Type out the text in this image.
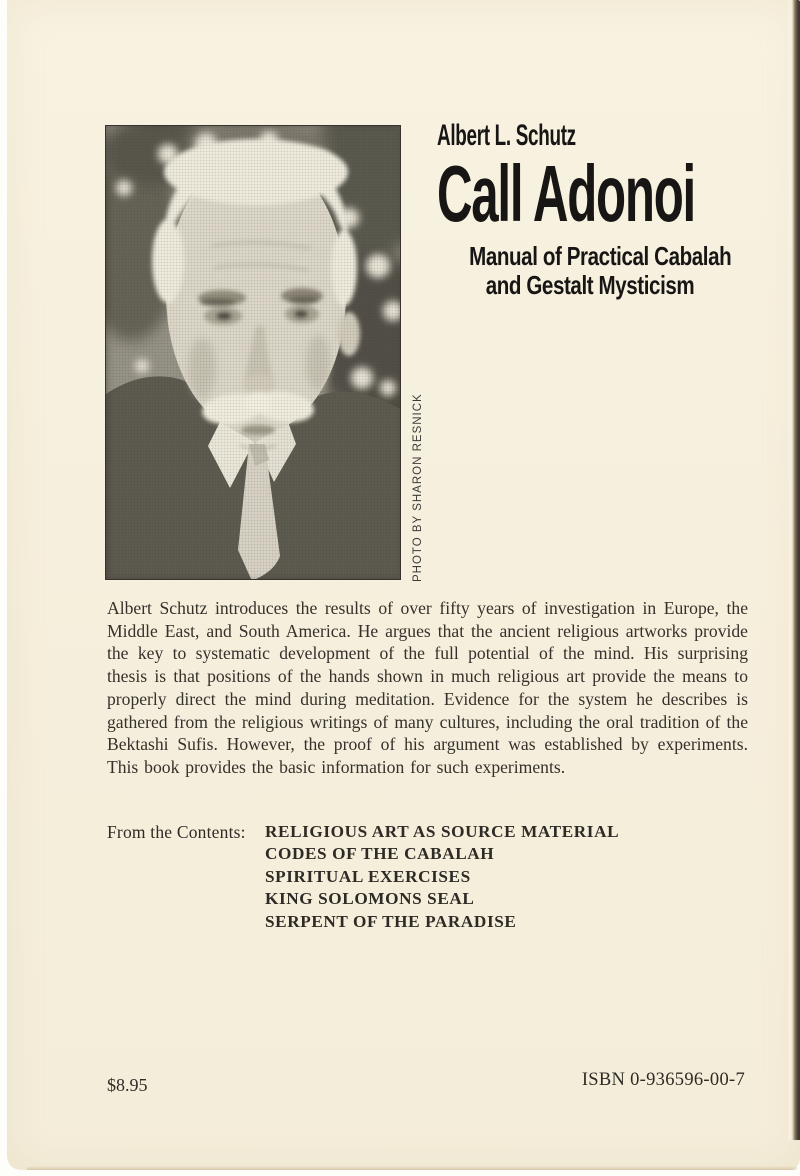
PHOTO BY SHARON RESNICK
Albert L. Schutz
Call Adonoi
Manual of Practical Cabalah
and Gestalt Mysticism

Albert Schutz introduces the results of over fifty years of investigation in Europe, the Middle East, and South America. He argues that the ancient religious artworks provide the key to systematic development of the full potential of the mind. His surprising thesis is that positions of the hands shown in much religious art provide the means to properly direct the mind during meditation. Evidence for the system he describes is gathered from the religious writings of many cultures, including the oral tradition of the Bektashi Sufis. However, the proof of his argument was established by experiments. This book provides the basic information for such experiments.

From the Contents: RELIGIOUS ART AS SOURCE MATERIAL
CODES OF THE CABALAH
SPIRITUAL EXERCISES
KING SOLOMONS SEAL
SERPENT OF THE PARADISE
$8.95	ISBN 0-936596-00-7
